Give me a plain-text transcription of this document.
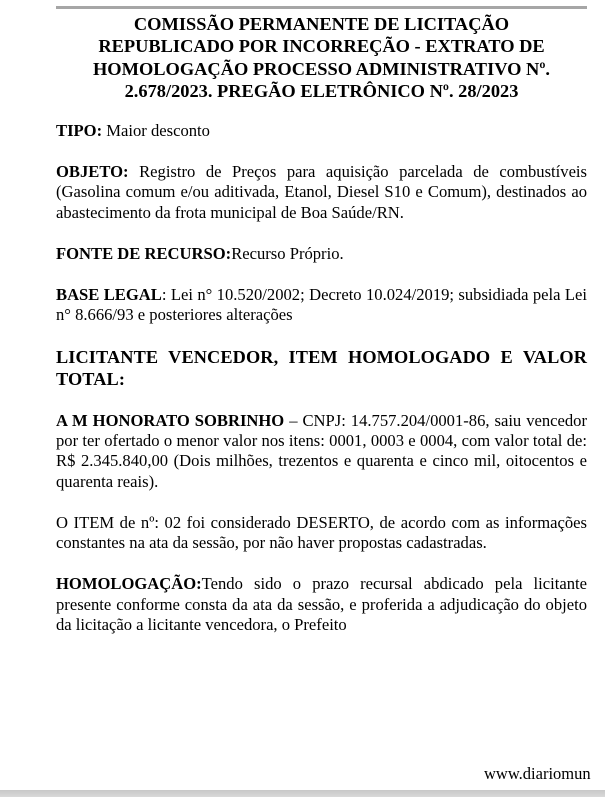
COMISSÃO PERMANENTE DE LICITAÇÃO
REPUBLICADO POR INCORREÇÃO - EXTRATO DE
HOMOLOGAÇÃO PROCESSO ADMINISTRATIVO Nº.
2.678/2023. PREGÃO ELETRÔNICO Nº. 28/2023

TIPO: Maior desconto

OBJETO: Registro de Preços para aquisição parcelada de combustíveis (Gasolina comum e/ou aditivada, Etanol, Diesel S10 e Comum), destinados ao abastecimento da frota municipal de Boa Saúde/RN.

FONTE DE RECURSO:Recurso Próprio.

BASE LEGAL: Lei n° 10.520/2002; Decreto 10.024/2019; subsidiada pela Lei n° 8.666/93 e posteriores alterações

LICITANTE VENCEDOR, ITEM HOMOLOGADO E VALOR TOTAL:

A M HONORATO SOBRINHO – CNPJ: 14.757.204/0001-86, saiu vencedor por ter ofertado o menor valor nos itens: 0001, 0003 e 0004, com valor total de: R$ 2.345.840,00 (Dois milhões, trezentos e quarenta e cinco mil, oitocentos e quarenta reais).

O ITEM de nº: 02 foi considerado DESERTO, de acordo com as informações constantes na ata da sessão, por não haver propostas cadastradas.

HOMOLOGAÇÃO:Tendo sido o prazo recursal abdicado pela licitante presente conforme consta da ata da sessão, e proferida a adjudicação do objeto da licitação a licitante vencedora, o Prefeito

www.diariomun
